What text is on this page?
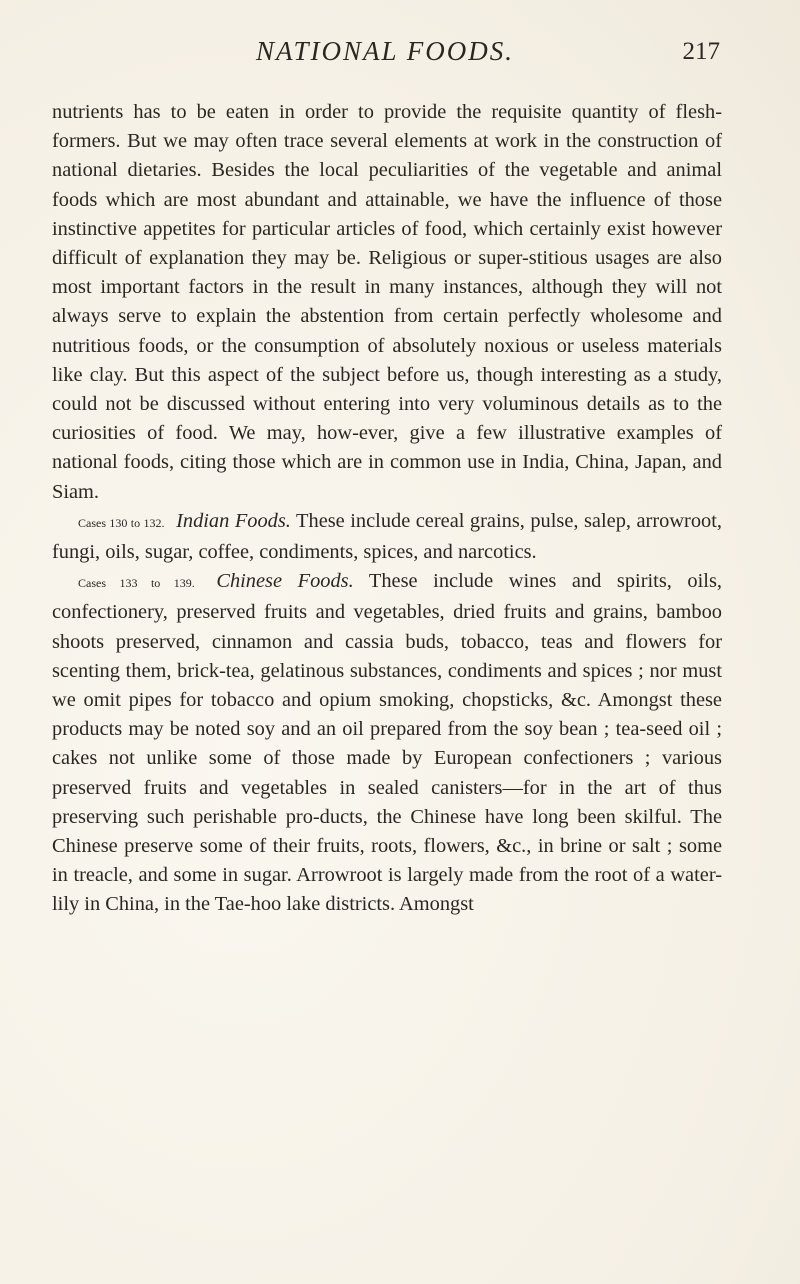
NATIONAL FOODS.	217

nutrients has to be eaten in order to provide the requisite quantity of flesh-formers. But we may often trace several elements at work in the construction of national dietaries. Besides the local peculiarities of the vegetable and animal foods which are most abundant and attainable, we have the influence of those instinctive appetites for particular articles of food, which certainly exist however difficult of explanation they may be. Religious or super-stitious usages are also most important factors in the result in many instances, although they will not always serve to explain the abstention from certain perfectly wholesome and nutritious foods, or the consumption of absolutely noxious or useless materials like clay. But this aspect of the subject before us, though interesting as a study, could not be discussed without entering into very voluminous details as to the curiosities of food. We may, how-ever, give a few illustrative examples of national foods, citing those which are in common use in India, China, Japan, and Siam.

Cases 130 to 132. Indian Foods. These include cereal grains, pulse, salep, arrowroot, fungi, oils, sugar, coffee, condiments, spices, and narcotics.

Cases 133 to 139. Chinese Foods. These include wines and spirits, oils, confectionery, preserved fruits and vegetables, dried fruits and grains, bamboo shoots preserved, cinnamon and cassia buds, tobacco, teas and flowers for scenting them, brick-tea, gelatinous substances, condiments and spices ; nor must we omit pipes for tobacco and opium smoking, chopsticks, &c. Amongst these products may be noted soy and an oil prepared from the soy bean ; tea-seed oil ; cakes not unlike some of those made by European confectioners ; various preserved fruits and vegetables in sealed canisters—for in the art of thus preserving such perishable pro-ducts, the Chinese have long been skilful. The Chinese preserve some of their fruits, roots, flowers, &c., in brine or salt ; some in treacle, and some in sugar. Arrowroot is largely made from the root of a water-lily in China, in the Tae-hoo lake districts. Amongst
